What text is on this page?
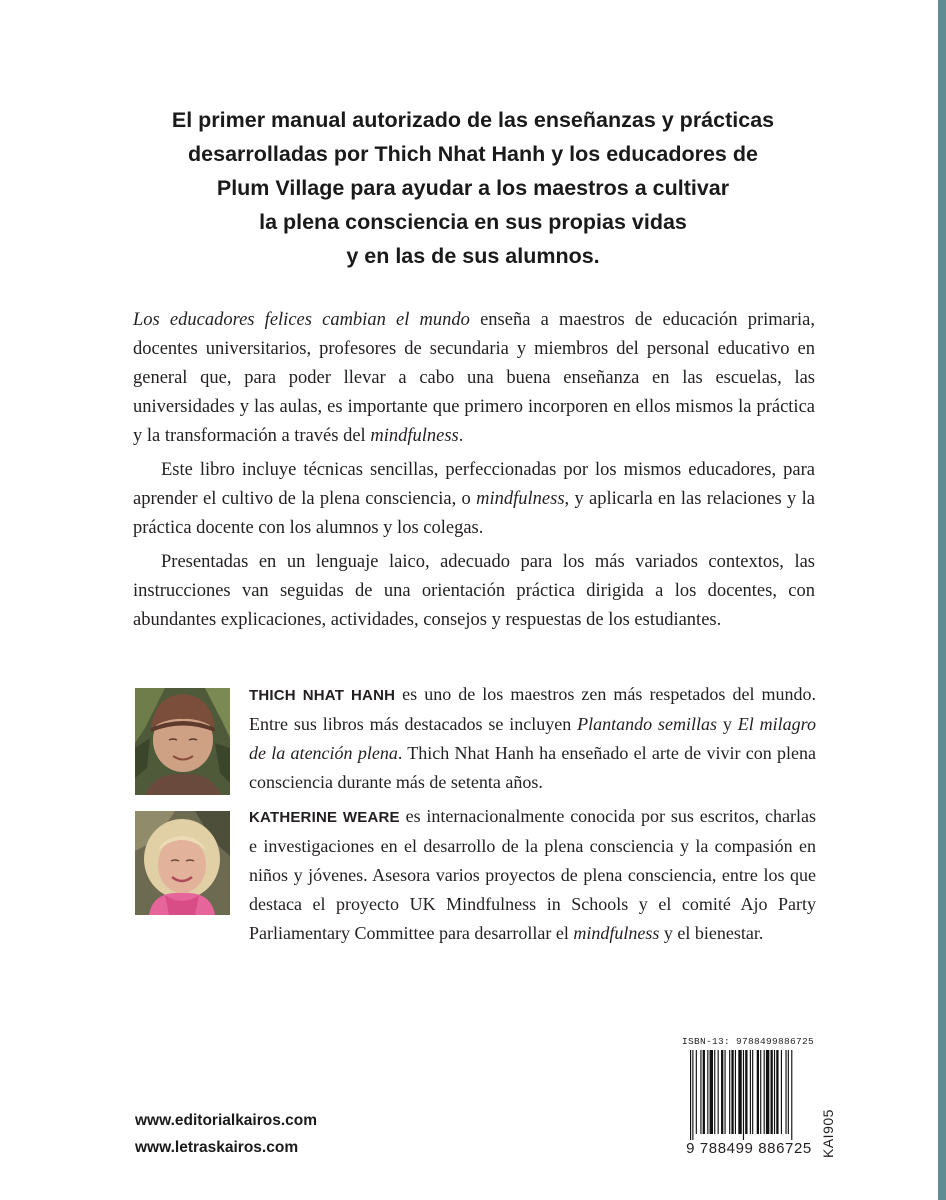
El primer manual autorizado de las enseñanzas y prácticas
desarrolladas por Thich Nhat Hanh y los educadores de
Plum Village para ayudar a los maestros a cultivar
la plena consciencia en sus propias vidas
y en las de sus alumnos.

Los educadores felices cambian el mundo enseña a maestros de educación primaria, docentes universitarios, profesores de secundaria y miembros del personal educativo en general que, para poder llevar a cabo una buena enseñanza en las escuelas, las universidades y las aulas, es importante que primero incorporen en ellos mismos la práctica y la transformación a través del mindfulness.

Este libro incluye técnicas sencillas, perfeccionadas por los mismos educadores, para aprender el cultivo de la plena consciencia, o mindfulness, y aplicarla en las relaciones y la práctica docente con los alumnos y los colegas.

Presentadas en un lenguaje laico, adecuado para los más variados contextos, las instrucciones van seguidas de una orientación práctica dirigida a los docentes, con abundantes explicaciones, actividades, consejos y respuestas de los estudiantes.

THICH NHAT HANH es uno de los maestros zen más respetados del mundo. Entre sus libros más destacados se incluyen Plantando semillas y El milagro de la atención plena. Thich Nhat Hanh ha enseñado el arte de vivir con plena consciencia durante más de setenta años.
KATHERINE WEARE es internacionalmente conocida por sus escritos, charlas e investigaciones en el desarrollo de la plena consciencia y la compasión en niños y jóvenes. Asesora varios proyectos de plena consciencia, entre los que destaca el proyecto UK Mindfulness in Schools y el comité Ajo Party Parliamentary Committee para desarrollar el mindfulness y el bienestar.
www.editorialkairos.com
www.letraskairos.com
ISBN-13: 9788499886725
9 788499 886725 KAI905
